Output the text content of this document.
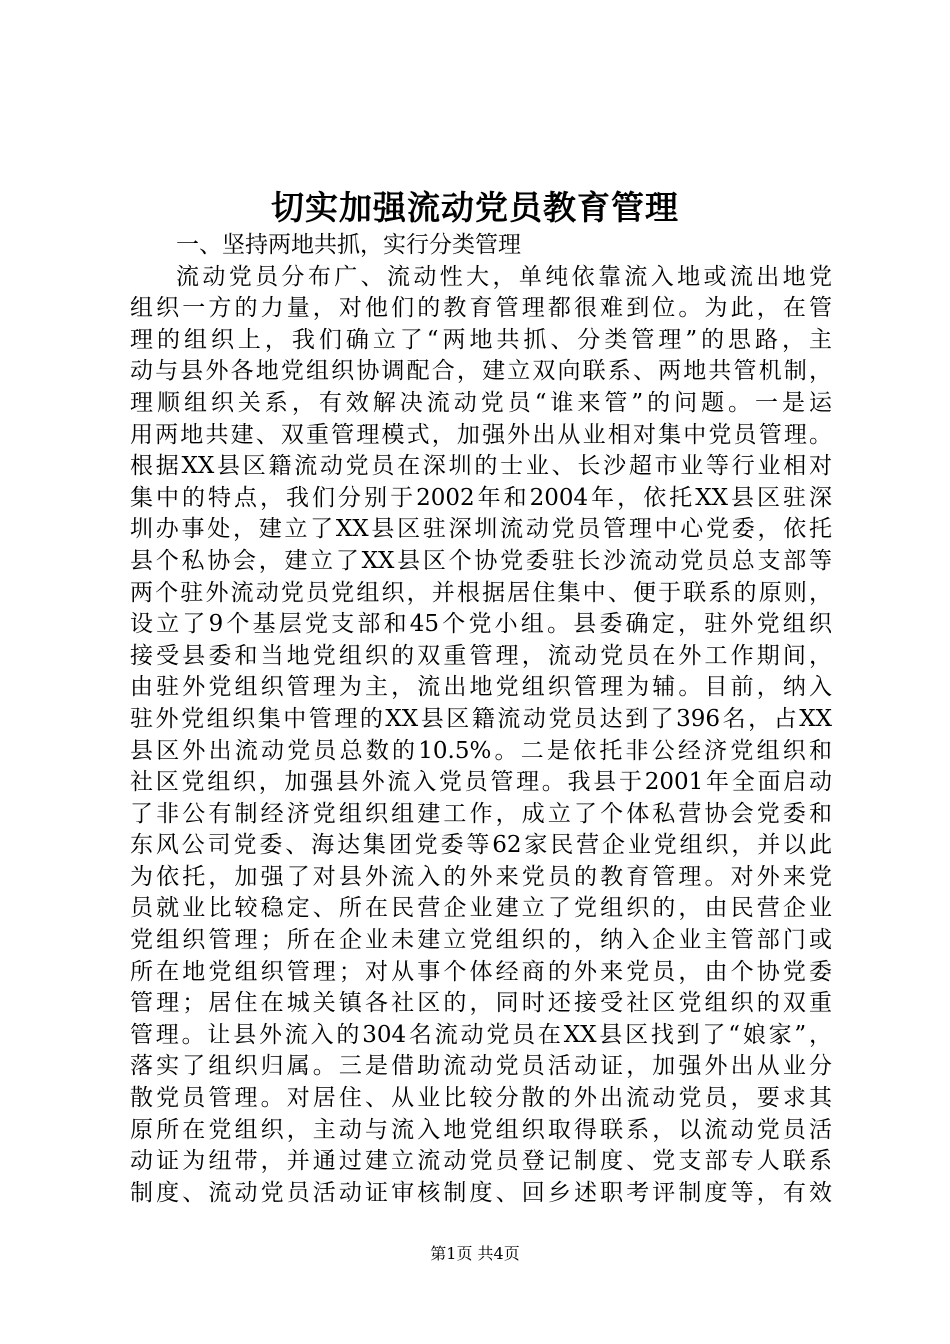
切实加强流动党员教育管理
一、坚持两地共抓，实行分类管理
流动党员分布广、流动性大，单纯依靠流入地或流出地党
组织一方的力量，对他们的教育管理都很难到位。为此，在管
理的组织上，我们确立了“两地共抓、分类管理”的思路，主
动与县外各地党组织协调配合，建立双向联系、两地共管机制，
理顺组织关系，有效解决流动党员“谁来管”的问题。一是运
用两地共建、双重管理模式，加强外出从业相对集中党员管理。
根据XX县区籍流动党员在深圳的士业、长沙超市业等行业相对
集中的特点，我们分别于2002年和2004年，依托XX县区驻深
圳办事处，建立了XX县区驻深圳流动党员管理中心党委，依托
县个私协会，建立了XX县区个协党委驻长沙流动党员总支部等
两个驻外流动党员党组织，并根据居住集中、便于联系的原则，
设立了9个基层党支部和45个党小组。县委确定，驻外党组织
接受县委和当地党组织的双重管理，流动党员在外工作期间，
由驻外党组织管理为主，流出地党组织管理为辅。目前，纳入
驻外党组织集中管理的XX县区籍流动党员达到了396名，占XX
县区外出流动党员总数的10.5%。二是依托非公经济党组织和
社区党组织，加强县外流入党员管理。我县于2001年全面启动
了非公有制经济党组织组建工作，成立了个体私营协会党委和
东风公司党委、海达集团党委等62家民营企业党组织，并以此
为依托，加强了对县外流入的外来党员的教育管理。对外来党
员就业比较稳定、所在民营企业建立了党组织的，由民营企业
党组织管理；所在企业未建立党组织的，纳入企业主管部门或
所在地党组织管理；对从事个体经商的外来党员，由个协党委
管理；居住在城关镇各社区的，同时还接受社区党组织的双重
管理。让县外流入的304名流动党员在XX县区找到了“娘家”，
落实了组织归属。三是借助流动党员活动证，加强外出从业分
散党员管理。对居住、从业比较分散的外出流动党员，要求其
原所在党组织，主动与流入地党组织取得联系，以流动党员活
动证为纽带，并通过建立流动党员登记制度、党支部专人联系
制度、流动党员活动证审核制度、回乡述职考评制度等，有效
第1页 共4页
